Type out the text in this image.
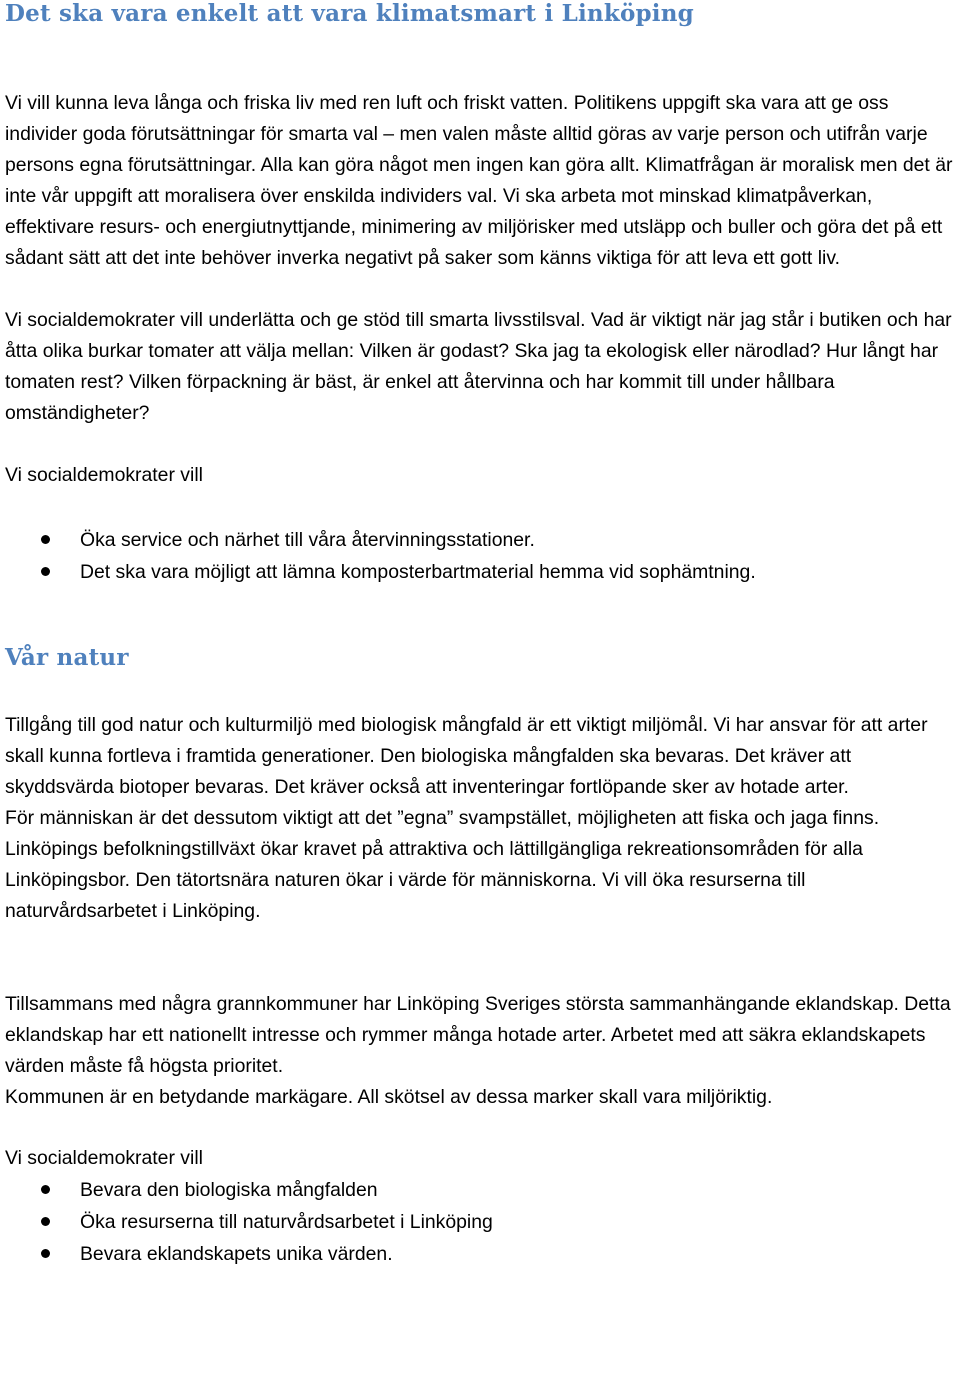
Det ska vara enkelt att vara klimatsmart i Linköping

Vi vill kunna leva långa och friska liv med ren luft och friskt vatten. Politikens uppgift ska vara att ge oss individer goda förutsättningar för smarta val – men valen måste alltid göras av varje person och utifrån varje persons egna förutsättningar. Alla kan göra något men ingen kan göra allt. Klimatfrågan är moralisk men det är inte vår uppgift att moralisera över enskilda individers val. Vi ska arbeta mot minskad klimatpåverkan, effektivare resurs- och energiutnyttjande, minimering av miljörisker med utsläpp och buller och göra det på ett sådant sätt att det inte behöver inverka negativt på saker som känns viktiga för att leva ett gott liv.

Vi socialdemokrater vill underlätta och ge stöd till smarta livsstilsval. Vad är viktigt när jag står i butiken och har åtta olika burkar tomater att välja mellan: Vilken är godast? Ska jag ta ekologisk eller närodlad? Hur långt har tomaten rest? Vilken förpackning är bäst, är enkel att återvinna och har kommit till under hållbara omständigheter?

Vi socialdemokrater vill

Öka service och närhet till våra återvinningsstationer.
Det ska vara möjligt att lämna komposterbartmaterial hemma vid sophämtning.
Vår natur

Tillgång till god natur och kulturmiljö med biologisk mångfald är ett viktigt miljömål. Vi har ansvar för att arter skall kunna fortleva i framtida generationer. Den biologiska mångfalden ska bevaras. Det kräver att skyddsvärda biotoper bevaras. Det kräver också att inventeringar fortlöpande sker av hotade arter.

För människan är det dessutom viktigt att det ”egna” svampstället, möjligheten att fiska och jaga finns.

Linköpings befolkningstillväxt ökar kravet på attraktiva och lättillgängliga rekreationsområden för alla Linköpingsbor. Den tätortsnära naturen ökar i värde för människorna. Vi vill öka resurserna till naturvårdsarbetet i Linköping.

Tillsammans med några grannkommuner har Linköping Sveriges största sammanhängande eklandskap. Detta eklandskap har ett nationellt intresse och rymmer många hotade arter. Arbetet med att säkra eklandskapets värden måste få högsta prioritet.

Kommunen är en betydande markägare. All skötsel av dessa marker skall vara miljöriktig.

Vi socialdemokrater vill

Bevara den biologiska mångfalden
Öka resurserna till naturvårdsarbetet i Linköping
Bevara eklandskapets unika värden.
